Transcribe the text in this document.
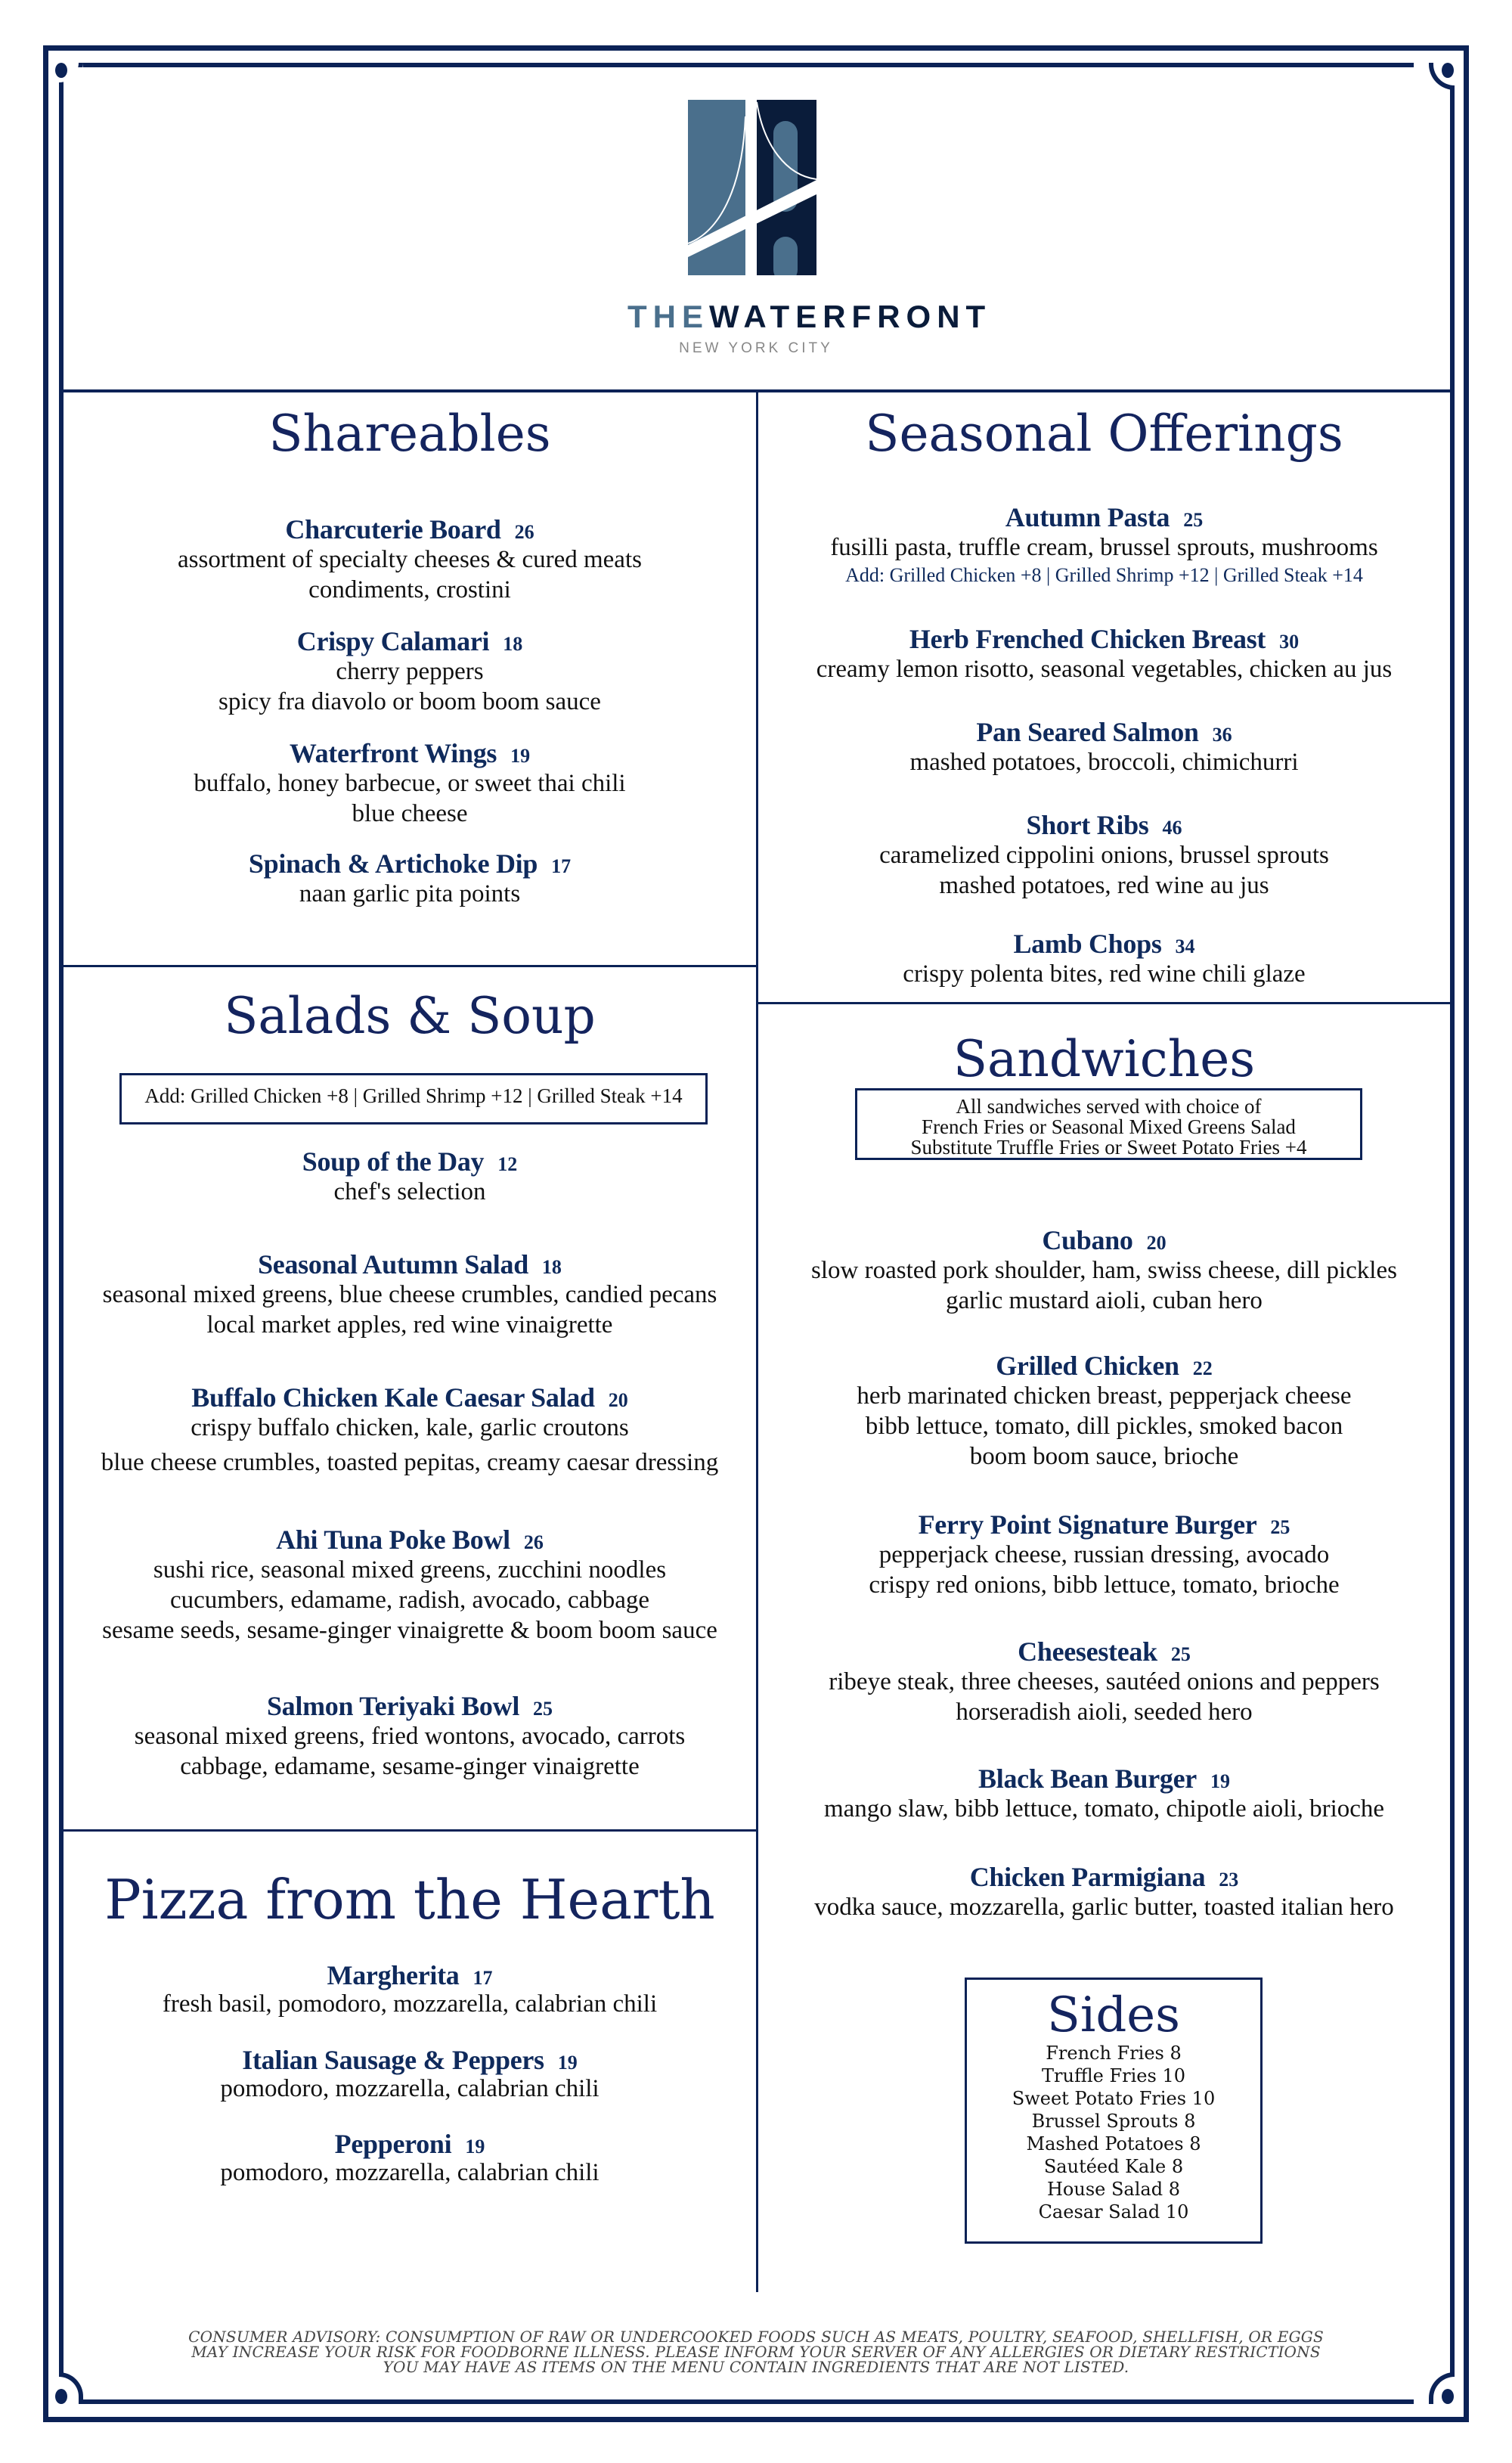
THEWATERFRONT
NEW YORK CITY
Shareables
Charcuterie Board 26
assortment of specialty cheeses & cured meats
condiments, crostini
Crispy Calamari 18
cherry peppers
spicy fra diavolo or boom boom sauce
Waterfront Wings 19
buffalo, honey barbecue, or sweet thai chili
blue cheese
Spinach & Artichoke Dip 17
naan garlic pita points
Seasonal Offerings
Autumn Pasta 25
fusilli pasta, truffle cream, brussel sprouts, mushrooms
Add: Grilled Chicken +8 | Grilled Shrimp +12 | Grilled Steak +14
Herb Frenched Chicken Breast 30
creamy lemon risotto, seasonal vegetables, chicken au jus
Pan Seared Salmon 36
mashed potatoes, broccoli, chimichurri
Short Ribs 46
caramelized cippolini onions, brussel sprouts
mashed potatoes, red wine au jus
Lamb Chops 34
crispy polenta bites, red wine chili glaze
Salads & Soup
Add: Grilled Chicken +8 | Grilled Shrimp +12 | Grilled Steak +14
Soup of the Day 12
chef's selection
Seasonal Autumn Salad 18
seasonal mixed greens, blue cheese crumbles, candied pecans
local market apples, red wine vinaigrette
Buffalo Chicken Kale Caesar Salad 20
crispy buffalo chicken, kale, garlic croutons
blue cheese crumbles, toasted pepitas, creamy caesar dressing
Ahi Tuna Poke Bowl 26
sushi rice, seasonal mixed greens, zucchini noodles
cucumbers, edamame, radish, avocado, cabbage
sesame seeds, sesame-ginger vinaigrette & boom boom sauce
Salmon Teriyaki Bowl 25
seasonal mixed greens, fried wontons, avocado, carrots
cabbage, edamame, sesame-ginger vinaigrette
Pizza from the Hearth
Margherita 17
fresh basil, pomodoro, mozzarella, calabrian chili
Italian Sausage & Peppers 19
pomodoro, mozzarella, calabrian chili
Pepperoni 19
pomodoro, mozzarella, calabrian chili
Sandwiches
All sandwiches served with choice of
French Fries or Seasonal Mixed Greens Salad
Substitute Truffle Fries or Sweet Potato Fries +4
Cubano 20
slow roasted pork shoulder, ham, swiss cheese, dill pickles
garlic mustard aioli, cuban hero
Grilled Chicken 22
herb marinated chicken breast, pepperjack cheese
bibb lettuce, tomato, dill pickles, smoked bacon
boom boom sauce, brioche
Ferry Point Signature Burger 25
pepperjack cheese, russian dressing, avocado
crispy red onions, bibb lettuce, tomato, brioche
Cheesesteak 25
ribeye steak, three cheeses, sautéed onions and peppers
horseradish aioli, seeded hero
Black Bean Burger 19
mango slaw, bibb lettuce, tomato, chipotle aioli, brioche
Chicken Parmigiana 23
vodka sauce, mozzarella, garlic butter, toasted italian hero
Sides
French Fries 8
Truffle Fries 10
Sweet Potato Fries 10
Brussel Sprouts 8
Mashed Potatoes 8
Sautéed Kale 8
House Salad 8
Caesar Salad 10
CONSUMER ADVISORY: CONSUMPTION OF RAW OR UNDERCOOKED FOODS SUCH AS MEATS, POULTRY, SEAFOOD, SHELLFISH, OR EGGS
MAY INCREASE YOUR RISK FOR FOODBORNE ILLNESS. PLEASE INFORM YOUR SERVER OF ANY ALLERGIES OR DIETARY RESTRICTIONS
YOU MAY HAVE AS ITEMS ON THE MENU CONTAIN INGREDIENTS THAT ARE NOT LISTED.
